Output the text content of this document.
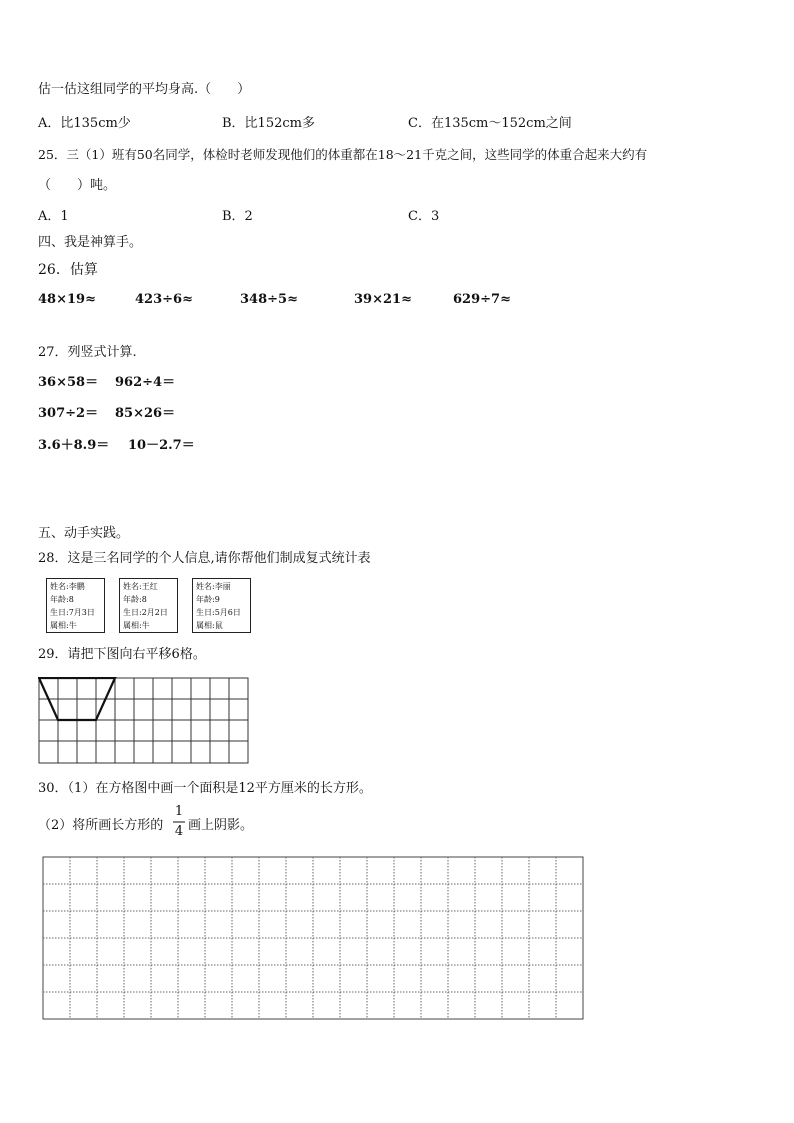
估一估这组同学的平均身高.（　　）
A．比135cm少	B．比152cm多	C．在135cm～152cm之间
25．三（1）班有50名同学，体检时老师发现他们的体重都在18～21千克之间，这些同学的体重合起来大约有
（　　）吨。
A．1	B．2	C．3
四、我是神算手。
26．估算
48×19≈	423÷6≈	348÷5≈	39×21≈	629÷7≈
27．列竖式计算.
36×58＝ 962÷4＝
307÷2＝ 85×26＝
3.6＋8.9＝ 10－2.7＝
五、动手实践。
28．这是三名同学的个人信息,请你帮他们制成复式统计表
姓名:李鹏
年龄:8
生日:7月3日
属相:牛
姓名:王红
年龄:8
生日:2月2日
属相:牛
姓名:李丽
年龄:9
生日:5月6日
属相:鼠
29．请把下图向右平移6格。
30．（1）在方格图中画一个面积是12平方厘米的长方形。
（2）将所画长方形的
1
4 画上阴影。
